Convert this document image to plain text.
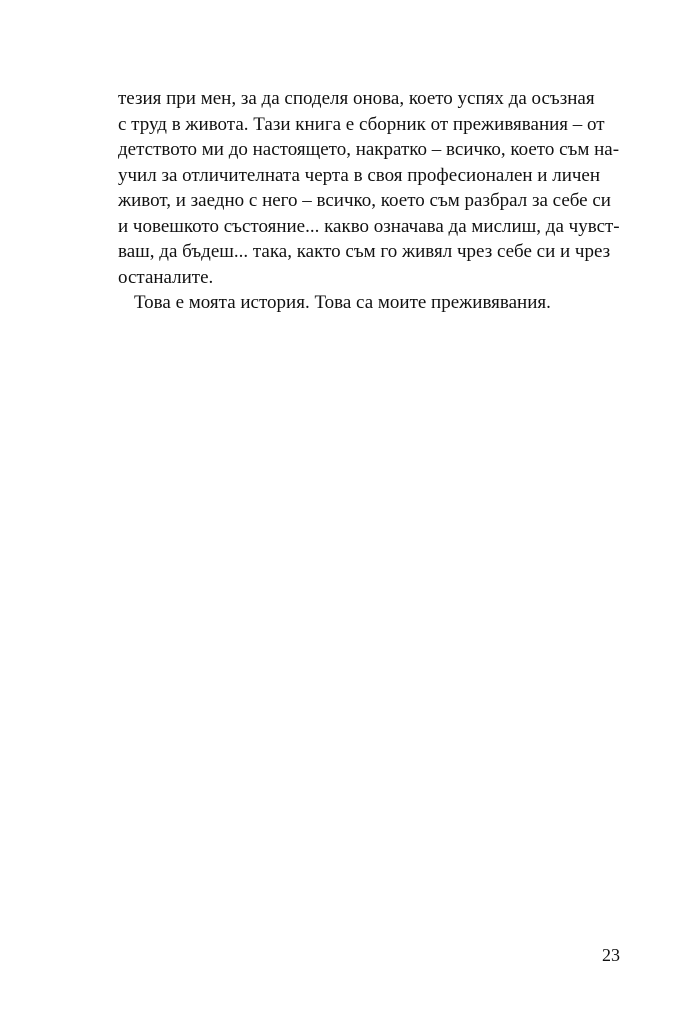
тезия при мен, за да споделя онова, което успях да осъзная
с труд в живота. Тази книга е сборник от преживявания – от
детството ми до настоящето, накратко – всичко, което съм на-
учил за отличителната черта в своя професионален и личен
живот, и заедно с него – всичко, което съм разбрал за себе си
и човешкото състояние... какво означава да мислиш, да чувст-
ваш, да бъдеш... така, както съм го живял чрез себе си и чрез
останалите.
Това е моята история. Това са моите преживявания.
23
